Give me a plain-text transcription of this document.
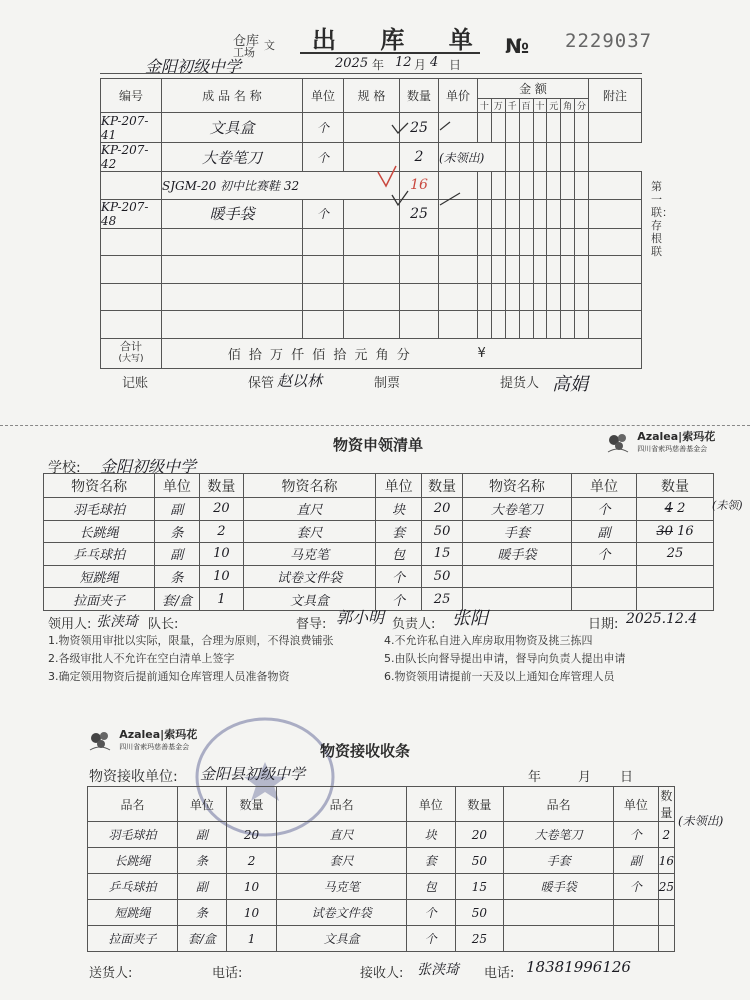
仓库
工场
文 出 库 单 № 2229037
金阳初级中学	2025 年 12 月 4 日
编号	成 品 名 称	单位	规 格	数量	单价	金 额								附注
						十	万	千	百	十	元	角	分	
KP-207-41	文具盒	个		25										
KP-207-42	大卷笔刀	个		2	(未领出)									
	SJGM-20 初中比赛鞋 32			16										
KP-207-48	暖手袋	个		25										

合计
(大写)	佰 拾 万 仟 佰 拾 元 角 分					¥								
第一联：存根联
记账	保管 赵以林	制票	提货人 高娟
物资申领清单
	Azalea|索玛花
四川省索玛慈善基金会
学校: 金阳初级中学
物资名称	单位	数量	物资名称	单位	数量	物资名称	单位	数量
羽毛球拍	副	20	直尺	块	20	大卷笔刀	个	4 2
长跳绳	条	2	套尺	套	50	手套	副	30 16
乒乓球拍	副	10	马克笔	包	15	暖手袋	个	25
短跳绳	条	10	试卷文件袋	个	50			
拉面夹子	套/盒	1	文具盒	个	25			
(未领)
领用人: 张浃琦 队长:	督导: 郭小明 负责人: 张阳	日期: 2025.12.4
1.物资领用审批以实际，限量，合理为原则，不得浪费铺张
2.各级审批人不允许在空白清单上签字
3.确定领用物资后提前通知仓库管理人员准备物资
4.不允许私自进入库房取用物资及挑三拣四
5.由队长向督导提出申请，督导向负责人提出申请
6.物资领用请提前一天及以上通知仓库管理人员

Azalea|索玛花
四川省索玛慈善基金会	物资接收收条
物资接收单位: 金阳县初级中学	年	月 日
品名	单位	数量	品名	单位	数量	品名	单位	数量
羽毛球拍	副	20	直尺	块	20	大卷笔刀	个	2
长跳绳	条	2	套尺	套	50	手套	副	16
乒乓球拍	副	10	马克笔	包	15	暖手袋	个	25
短跳绳	条	10	试卷文件袋	个	50			
拉面夹子	套/盒	1	文具盒	个	25			
(未领出)
送货人:	电话:	接收人: 张浃琦 电话: 18381996126
